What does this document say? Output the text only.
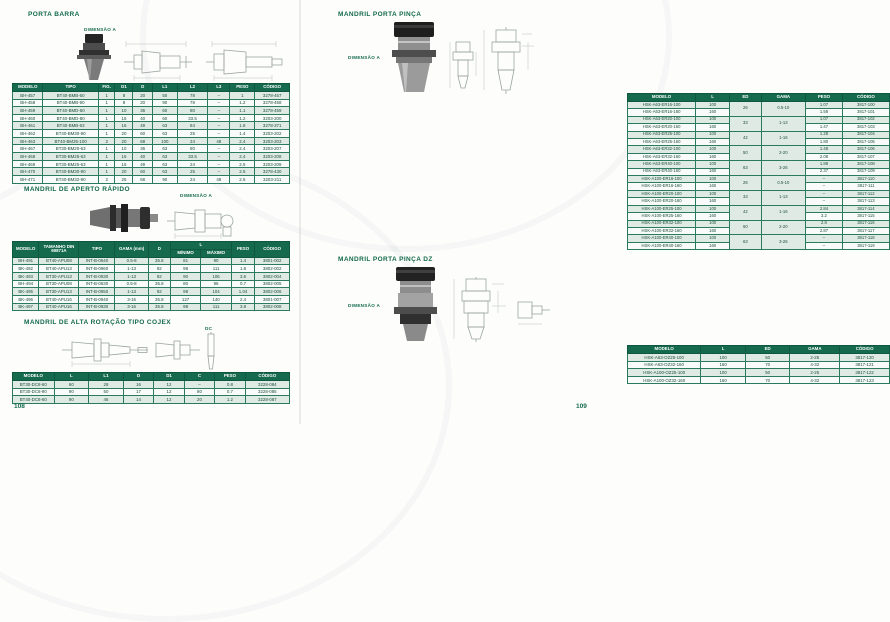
PORTA BARRA
DIMENSÃO A
MODELO	TIPO	FIG.	D1	D	L1	L2	L3	PESO	CÓDIGO
BH-457	BT40-BMB-60	1	8	20	50	78	–	1	3278-457
BH-458	BT40-BMB-90	1	8	20	90	78	–	1.2	3278-458
BH-459	BT40-BMD-60	1	10	36	60	80	–	1.1	3278-459
BH-460	BT40-BMD-80	1	16	40	60	33.5	–	1.2	3203-200
BH-461	BT40-BMB-63	1	16	49	63	84	–	1.8	3278-371
BH-462	BT40-BM30-90	1	20	60	63	25	–	1.4	3203-202
BH-463	BT40-BM25-100	2	20	68	100	24	48	2.4	3203-203
BH-467	BT30-BM20-63	1	10	36	63	80	–	2.4	3203-207
BH-468	BT30-BM25-63	1	16	40	63	33.5	–	2.4	3203-208
BH-469	BT30-BM25-63	1	16	49	63	24	–	2.5	3203-209
BH-470	BT40-BM30-90	1	20	60	63	25	–	2.5	3278-430
BH-471	BT40-BM32-90	2	25	68	90	24	48	2.6	3203-211
MANDRIL DE APERTO RÁPIDO
DIMENSÃO A
MODELO	TAMANHO DIN 69871A	TIPO	GAMA (mm)	D	L		PESO	CÓDIGO
					MÍNIMO	MÁXIMO		
BH-491	BT40-APU08	INT-B-0640	0.5-8	35.8	81	90	1.4	3801-002
BK-492	BT40-APU13	INT-B-0960	1-13	92	98	111	1.8	3802-002
BK-493	BT30-APU13	INT-B-0930	1-13	92	90	106	3.6	3802-004
BH-494	BT30-APU08	INT-B-0630	0.5-8	35.8	80	96	0.7	3802-005
BK-495	BT30-APU13	INT-B-0950	1-13	92	98	104	1.04	3802-006
BK-496	BT40-APU16	INT-B-0940	3-16	35.8	127	140	2.4	3801-007
BK-497	BT40-APU16	INT-B-0930	3-16	35.8	98	111	3.8	3802-008
MANDRIL DE ALTA ROTAÇÃO TIPO COJEX
DC
MODELO	L	L1	D	D1	C	PESO	CÓDIGO
BT30-DC8-60	60	28	16	12	–	0.8	3228-084
BT30-DC8-90	90	50	17	12	80	0.7	3228-085
BT40-DC8-60	90	46	14	12	20	1.2	3228-087
108
MANDRIL PORTA PINÇA
DIMENSÃO A
MODELO	L	ED	GAMA	PESO	CÓDIGO
HSK-A63-ER16-100	100	26	0.5-10	1.07	3817-100
HSK-A63-ER16-160	160			1.58	3817-101
HSK-A63-ER20-100	100	33	1-13	1.07	3817-102
HSK-A63-ER20-160	160			1.47	3817-103
HSK-A63-ER25-100	100	42	1-16	1.28	3817-104
HSK-A63-ER25-160	160			1.80	3817-105
HSK-A63-ER32-100	100	50	2-20	1.48	3817-106
HSK-A63-ER32-160	160			2.08	3817-107
HSK-A63-ER40-100	100	63	3-26	1.88	3817-108
HSK-A63-ER40-160	160			2.37	3817-109
HSK-A100-ER16-100	100	26	0.5-10	–	3817-110
HSK-A100-ER16-160	160			–	3817-111
HSK-A100-ER20-100	100	33	1-13	–	3817-112
HSK-A100-ER20-160	160			–	3817-113
HSK-A100-ER25-100	100	42	1-16	2.84	3817-114
HSK-A100-ER25-160	160			3.2	3817-115
HSK-A100-ER32-100	100	50	2-20	2.8	3817-116
HSK-A100-ER32-160	160			2.87	3817-117
HSK-A100-ER40-100	100	63	3-26	–	3817-118
HSK-A100-ER40-160	160			–	3817-119
MANDRIL PORTA PINÇA DZ
DIMENSÃO A
MODELO	L	ED	GAMA	CÓDIGO
HSK-A63-OZ25-100	100	50	2-25	3817-120
HSK-A63-OZ32-160	160	70	4-32	3817-121
HSK-A100-OZ25-100	100	50	2-25	3817-122
HSK-A100-OZ32-160	160	70	4-32	3817-123
109
